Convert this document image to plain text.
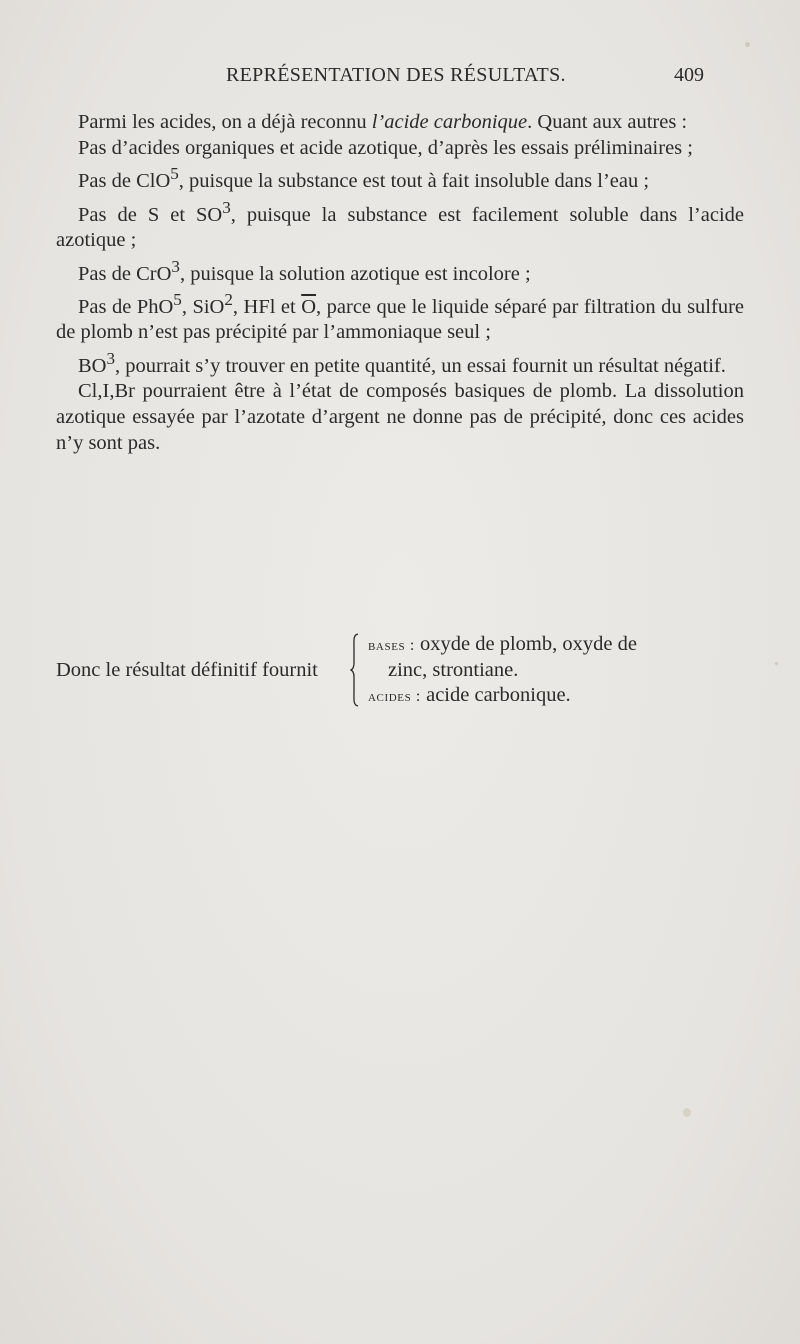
REPRÉSENTATION DES RÉSULTATS.	409

Parmi les acides, on a déjà reconnu l’acide carbonique. Quant aux autres :

Pas d’acides organiques et acide azotique, d’après les essais préliminaires ;

Pas de ClO$^5$, puisque la substance est tout à fait insoluble dans l’eau ;

Pas de S et $SO^3$, puisque la substance est facilement soluble dans l’acide azotique ;

Pas de CrO$^3$, puisque la solution azotique est incolore ;

Pas de PhO$^5$, SiO$^2$, HFl et $\overline{O}$, parce que le liquide séparé par filtration du sulfure de plomb n’est pas précipité par l’ammoniaque seul ;

$BO^3$, pourrait s’y trouver en petite quantité, un essai fournit un résultat négatif.

Cl,I,Br pourraient être à l’état de composés basiques de plomb. La dissolution azotique essayée par l’azotate d’argent ne donne pas de précipité, donc ces acides n’y sont pas.

Donc le résultat définitif fournit
bases : oxyde de plomb, oxyde de
zinc, strontiane.
acides : acide carbonique.
